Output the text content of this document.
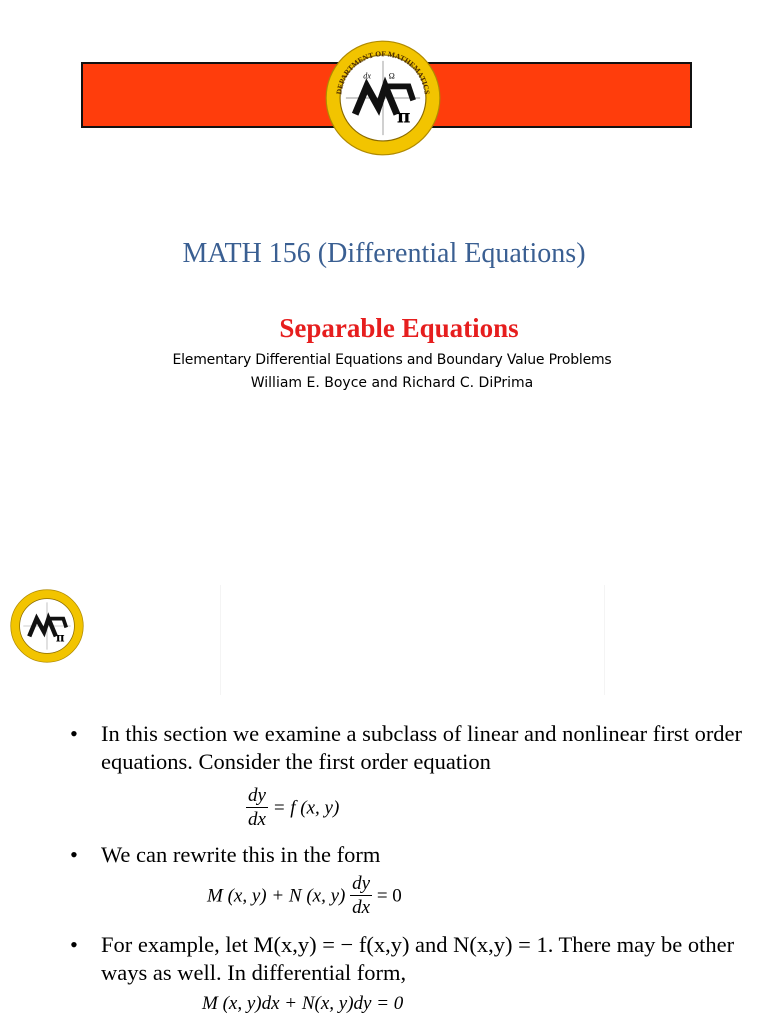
dx	Ω
π
DEPARTMENT OF MATHEMATICS
MATH 156 (Differential Equations)
Separable Equations
Elementary Differential Equations and Boundary Value Problems
William E. Boyce and Richard C. DiPrima
π
• In this section we examine a subclass of linear and nonlinear first order equations. Consider the first order equation
$\frac{dy}{dx} = f$ (x, y)
• We can rewrite this in the form
M (x, y) + N (x, $y) \frac{dy}{dx} = 0$
• For example, let M(x,y) = − f(x,y) and N(x,y) = 1. There may be other ways as well. In differential form,
M (x, y)dx + N(x, y)dy = 0
